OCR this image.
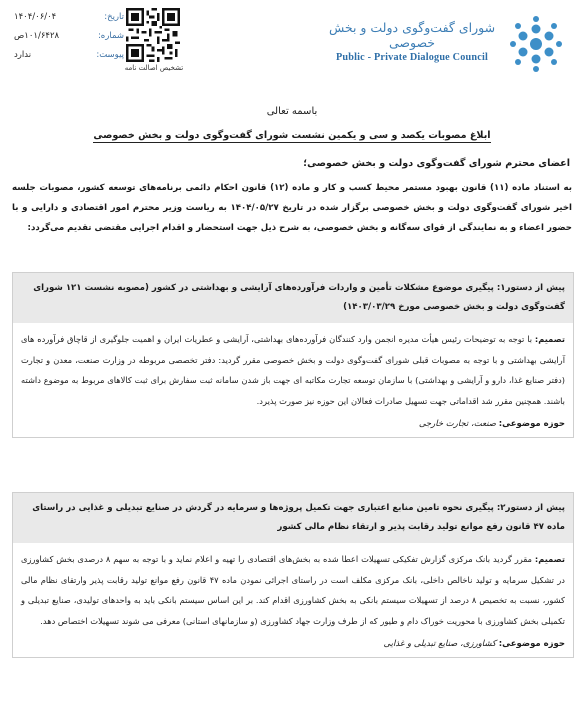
تاریخ:
۱۴۰۴/۰۶/۰۴
شماره:
۱۰۱/۶۴۲۸ص
پیوست:
ندارد
تشخیص اصالت نامه
شورای گفت‌وگوی دولت و بخش خصوصی
Public - Private Dialogue Council
باسمه تعالی
ابلاغ مصوبات یکصد و سی و یکمین نشست شورای گفت‌وگوی دولت و بخش خصوصی
اعضای محترم شورای گفت‌وگوی دولت و بخش خصوصی؛
به استناد ماده (۱۱) قانون بهبود مستمر محیط کسب و کار و ماده (۱۲) قانون احکام دائمی برنامه‌های توسعه کشور، مصوبات جلسه اخیر شورای گفت‌وگوی دولت و بخش خصوصی برگزار شده در تاریخ ۱۴۰۴/۰۵/۲۷ به ریاست وزیر محترم امور اقتصادی و دارایی و با حضور اعضاء و به نمایندگی از قوای سه‌گانه و بخش خصوصی، به شرح ذیل جهت استحضار و اقدام اجرایی مقتضی تقدیم می‌گردد:
پیش از دستور۱: پیگیری موضوع مشکلات تأمین و واردات فرآورده‌های آرایشی و بهداشتی در کشور (مصوبه نشست ۱۲۱ شورای گفت‌وگوی دولت و بخش خصوصی مورخ ۱۴۰۳/۰۳/۲۹)
تصمیم: با توجه به توضیحات رئیس هیأت مدیره انجمن وارد کنندگان فرآورده‌های بهداشتی، آرایشی و عطریات ایران و اهمیت جلوگیری از قاچاق فرآورده های آرایشی بهداشتی و با توجه به مصوبات قبلی شورای گفت‌وگوی دولت و بخش خصوصی مقرر گردید: دفتر تخصصی مربوطه در وزارت صنعت، معدن و تجارت (دفتر صنایع غذا، دارو و آرایشی و بهداشتی) با سازمان توسعه تجارت مکاتبه ای جهت باز شدن سامانه ثبت سفارش برای ثبت کالاهای مربوط به موضوع داشته باشند. همچنین مقرر شد اقداماتی جهت تسهیل صادرات فعالان این حوزه نیز صورت پذیرد.
حوزه موضوعی: صنعت، تجارت خارجی
پیش از دستور۲: پیگیری نحوه تامین منابع اعتباری جهت تکمیل پروژه‌ها و سرمایه در گردش در صنایع تبدیلی و غذایی در راستای ماده ۴۷ قانون رفع موانع تولید رقابت پذیر و ارتقاء نظام مالی کشور
تصمیم: مقرر گردید بانک مرکزی گزارش تفکیکی تسهیلات اعطا شده به بخش‌های اقتصادی را تهیه و اعلام نماید و با توجه به سهم ۸ درصدی بخش کشاورزی در تشکیل سرمایه و تولید ناخالص داخلی، بانک مرکزی مکلف است در راستای اجرائی نمودن ماده ۴۷ قانون رفع موانع تولید رقابت پذیر وارتقای نظام مالی کشور، نسبت به تخصیص ۸ درصد از تسهیلات سیستم بانکی به بخش کشاورزی اقدام کند. بر این اساس سیستم بانکی باید به واحدهای تولیدی، صنایع تبدیلی و تکمیلی بخش کشاورزی با محوریت خوراک دام و طیور که از طرف وزارت جهاد کشاورزی (و سازمانهای استانی) معرفی می شوند تسهیلات اختصاص دهد.
حوزه موضوعی: کشاورزی، صنایع تبدیلی و غذایی
